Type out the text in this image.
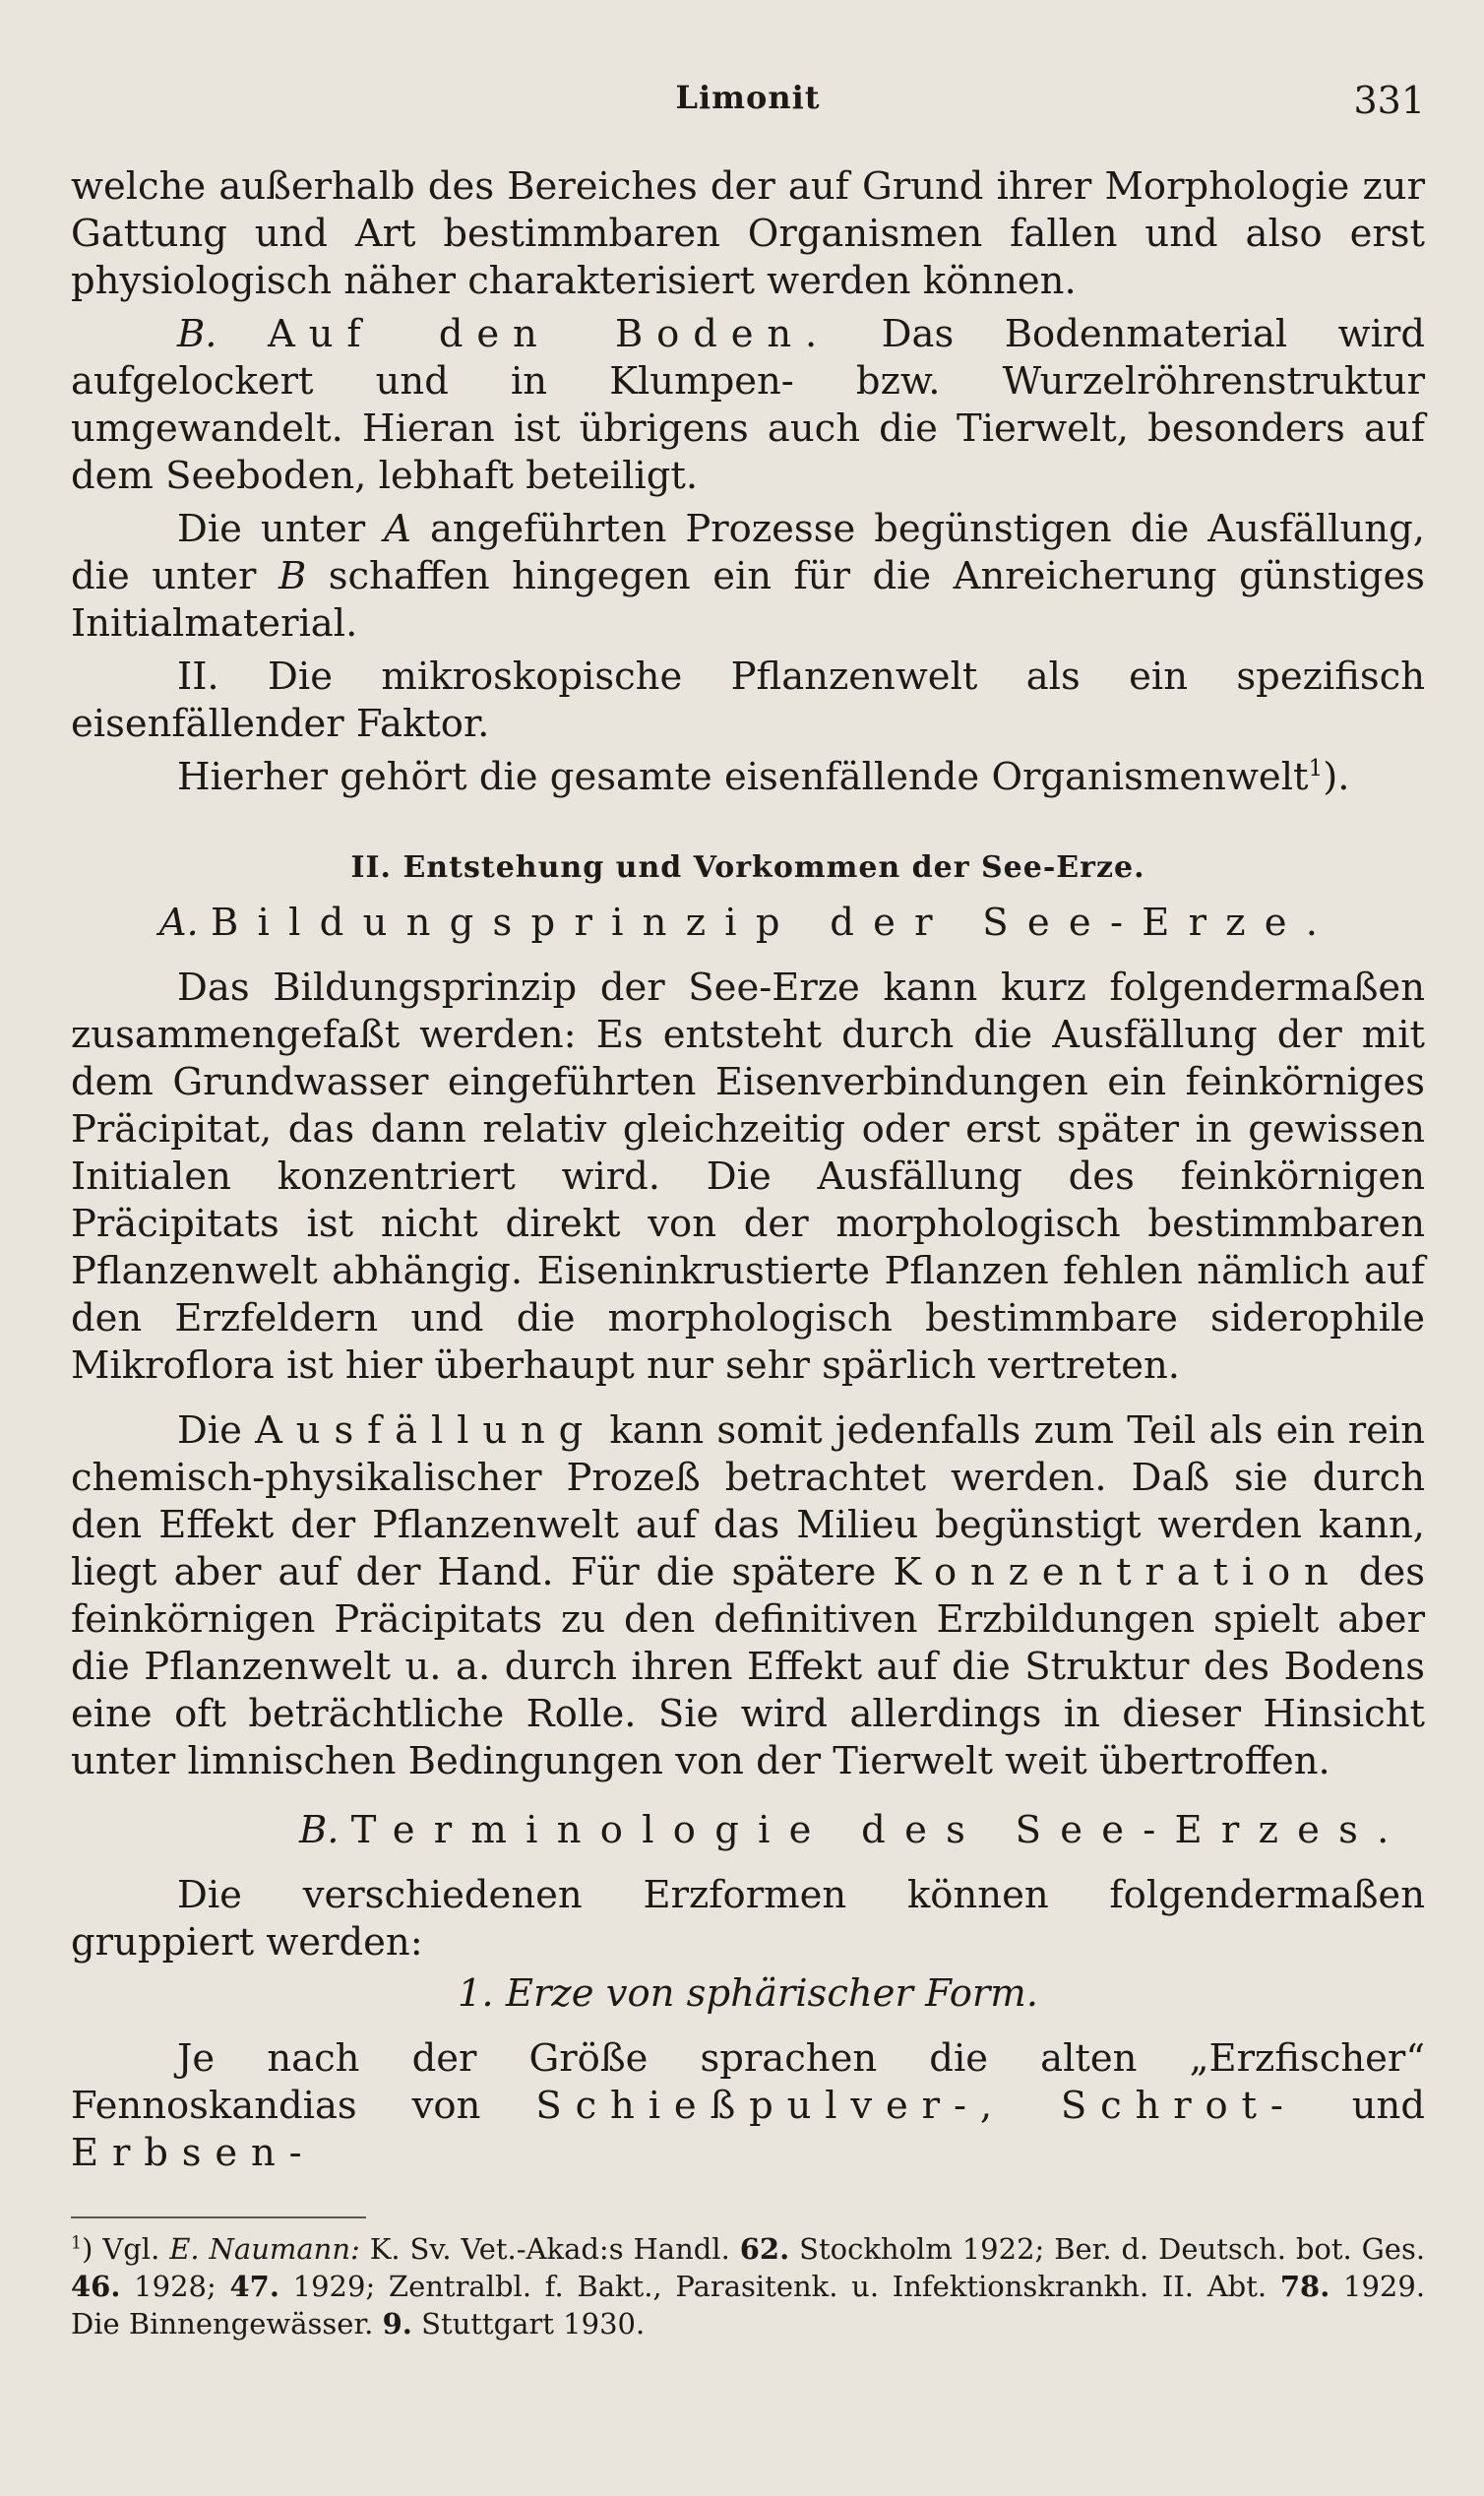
Limonit	331

welche außerhalb des Bereiches der auf Grund ihrer Morphologie zur Gattung und Art bestimmbaren Organismen fallen und also erst physiologisch näher charakterisiert werden können.

B. Auf den Boden. Das Bodenmaterial wird aufgelockert und in Klumpen- bzw. Wurzelröhrenstruktur umgewandelt. Hieran ist übrigens auch die Tierwelt, besonders auf dem Seeboden, lebhaft beteiligt.

Die unter A angeführten Prozesse begünstigen die Ausfällung, die unter B schaffen hingegen ein für die Anreicherung günstiges Initialmaterial.

II. Die mikroskopische Pflanzenwelt als ein spezifisch eisenfällender Faktor.

Hierher gehört die gesamte eisenfällende Organismenwelt$^1$).

II. Entstehung und Vorkommen der See-Erze.

A. Bildungsprinzip der See-Erze.

Das Bildungsprinzip der See-Erze kann kurz folgendermaßen zusammengefaßt werden: Es entsteht durch die Ausfällung der mit dem Grundwasser eingeführten Eisenverbindungen ein feinkörniges Präcipitat, das dann relativ gleichzeitig oder erst später in gewissen Initialen konzentriert wird. Die Ausfällung des feinkörnigen Präcipitats ist nicht direkt von der morphologisch bestimmbaren Pflanzenwelt abhängig. Eiseninkrustierte Pflanzen fehlen nämlich auf den Erzfeldern und die morphologisch bestimmbare siderophile Mikroflora ist hier überhaupt nur sehr spärlich vertreten.

Die Ausfällung kann somit jedenfalls zum Teil als ein rein chemisch-physikalischer Prozeß betrachtet werden. Daß sie durch den Effekt der Pflanzenwelt auf das Milieu begünstigt werden kann, liegt aber auf der Hand. Für die spätere Konzentration des feinkörnigen Präcipitats zu den definitiven Erzbildungen spielt aber die Pflanzenwelt u. a. durch ihren Effekt auf die Struktur des Bodens eine oft beträchtliche Rolle. Sie wird allerdings in dieser Hinsicht unter limnischen Bedingungen von der Tierwelt weit übertroffen.

B. Terminologie des See-Erzes.

Die verschiedenen Erzformen können folgendermaßen gruppiert werden:

1. Erze von sphärischer Form.

Je nach der Größe sprachen die alten „Erzfischer“ Fennoskandias von Schießpulver-, Schrot- und Erbsen-

$^1$) Vgl. E. Naumann: K. Sv. Vet.-Akad:s Handl. 62. Stockholm 1922; Ber. d. Deutsch. bot. Ges. 46. 1928; 47. 1929; Zentralbl. f. Bakt., Parasitenk. u. Infektionskrankh. II. Abt. 78. 1929. Die Binnengewässer. 9. Stuttgart 1930.
